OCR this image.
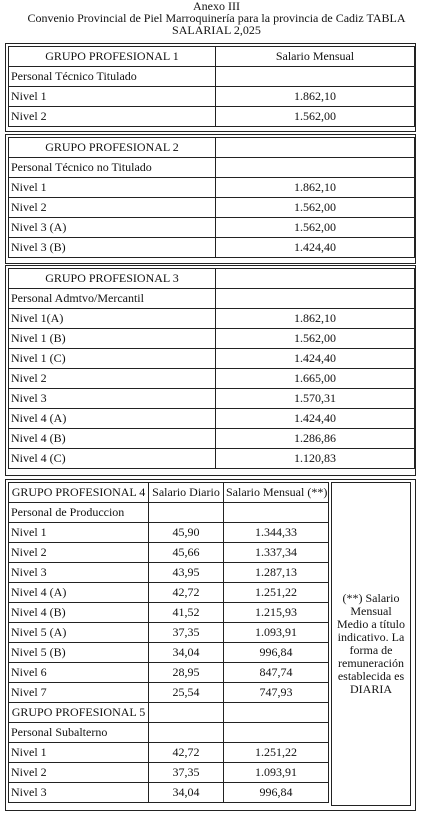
Anexo III
Convenio Provincial de Piel Marroquinería para la provincia de Cadiz TABLA
SALARIAL 2,025
GRUPO PROFESIONAL 1	Salario Mensual
Personal Técnico Titulado	
Nivel 1	1.862,10
Nivel 2	1.562,00
GRUPO PROFESIONAL 2	
Personal Técnico no Titulado	
Nivel 1	1.862,10
Nivel 2	1.562,00
Nivel 3 (A)	1.562,00
Nivel 3 (B)	1.424,40
GRUPO PROFESIONAL 3	
Personal Admtvo/Mercantil	
Nivel 1(A)	1.862,10
Nivel 1 (B)	1.562,00
Nivel 1 (C)	1.424,40
Nivel 2	1.665,00
Nivel 3	1.570,31
Nivel 4 (A)	1.424,40
Nivel 4 (B)	1.286,86
Nivel 4 (C)	1.120,83
GRUPO PROFESIONAL 4	Salario Diario	Salario Mensual (**)
Personal de Produccion		
Nivel 1	45,90	1.344,33
Nivel 2	45,66	1.337,34
Nivel 3	43,95	1.287,13
Nivel 4 (A)	42,72	1.251,22
Nivel 4 (B)	41,52	1.215,93
Nivel 5 (A)	37,35	1.093,91
Nivel 5 (B)	34,04	996,84
Nivel 6	28,95	847,74
Nivel 7	25,54	747,93
GRUPO PROFESIONAL 5		
Personal Subalterno		
Nivel 1	42,72	1.251,22
Nivel 2	37,35	1.093,91
Nivel 3	34,04	996,84
(**) Salario Mensual Medio a título indicativo. La forma de remuneración establecida es DIARIA
